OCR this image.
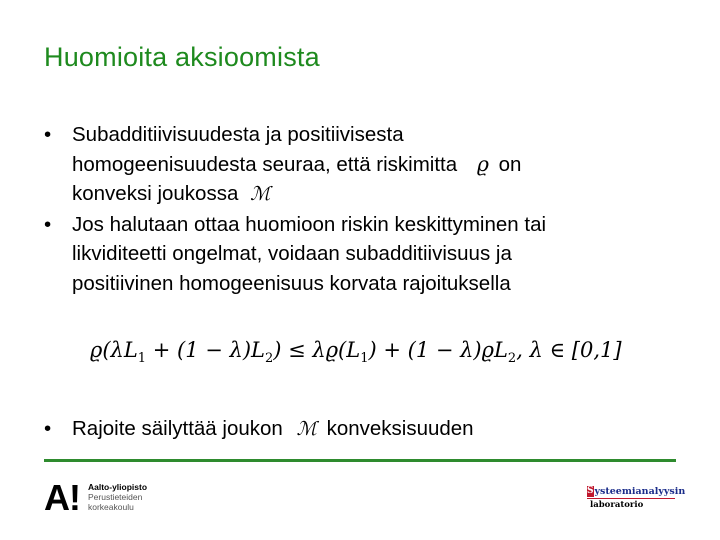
Huomioita aksioomista
• Subadditiivisuudesta ja positiivisesta
homogeenisuudesta seuraa, että riskimitta ϱ on
konveksi joukossa ℳ
• Jos halutaan ottaa huomioon riskin keskittyminen tai
likviditeetti ongelmat, voidaan subadditiivisuus ja
positiivinen homogeenisuus korvata rajoituksella
$ϱ(\lambda L_1 + (1 - \lambda)L_2) \le \lambda ϱ(L_1) + (1 - \lambda)ϱL_2$, λ ∈ [0,1]
• Rajoite säilyttää joukon ℳ konveksisuuden
A! Aalto-yliopisto
Perustieteiden
korkeakoulu
S ysteemianalyysin
laboratorio
